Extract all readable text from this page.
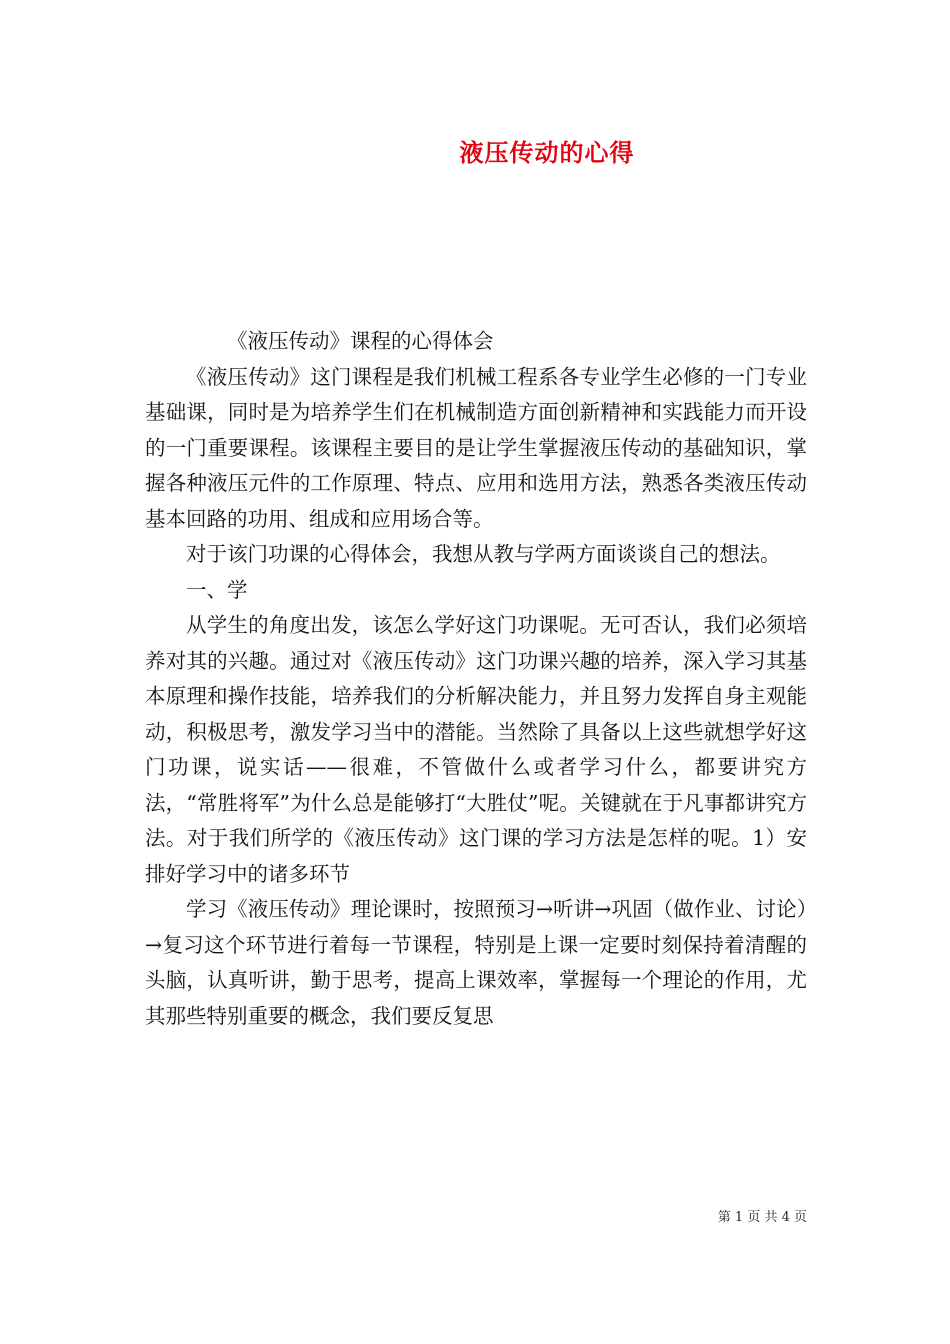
液压传动的心得

《液压传动》课程的心得体会

《液压传动》这门课程是我们机械工程系各专业学生必修的一门专业基础课，同时是为培养学生们在机械制造方面创新精神和实践能力而开设的一门重要课程。该课程主要目的是让学生掌握液压传动的基础知识，掌握各种液压元件的工作原理、特点、应用和选用方法，熟悉各类液压传动基本回路的功用、组成和应用场合等。

对于该门功课的心得体会，我想从教与学两方面谈谈自己的想法。

一、学

从学生的角度出发，该怎么学好这门功课呢。无可否认，我们必须培养对其的兴趣。通过对《液压传动》这门功课兴趣的培养，深入学习其基本原理和操作技能，培养我们的分析解决能力，并且努力发挥自身主观能动，积极思考，激发学习当中的潜能。当然除了具备以上这些就想学好这门功课，说实话——很难，不管做什么或者学习什么，都要讲究方法，“常胜将军”为什么总是能够打“大胜仗”呢。关键就在于凡事都讲究方法。对于我们所学的《液压传动》这门课的学习方法是怎样的呢。1）安排好学习中的诸多环节

学习《液压传动》理论课时，按照预习→听讲→巩固（做作业、讨论）→复习这个环节进行着每一节课程，特别是上课一定要时刻保持着清醒的头脑，认真听讲，勤于思考，提高上课效率，掌握每一个理论的作用，尤其那些特别重要的概念，我们要反复思

第 1 页 共 4 页
